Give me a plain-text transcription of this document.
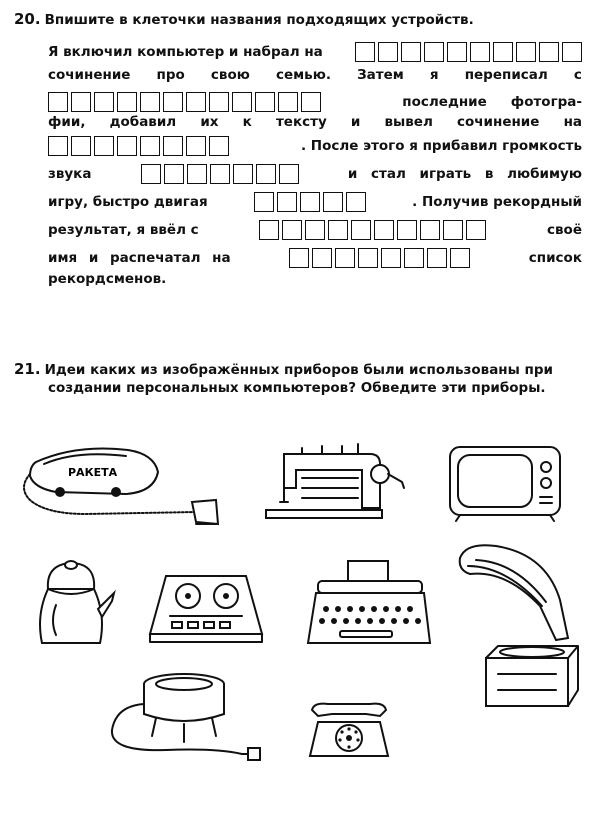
20. Впишите в клеточки названия подходящих устройств.
Я включил компьютер и набрал на
сочинение про свою семью. Затем я переписал с
последние фотогра-
фии, добавил их к тексту и вывел сочинение на
. После этого я прибавил громкость
звука	и стал играть в любимую
игру, быстро двигая	. Получив рекордный
результат, я ввёл с	своё
имя и распечатал на	список
рекордсменов.
21. Идеи каких из изображённых приборов были использованы при
создании персональных компьютеров? Обведите эти приборы.
РАКЕТА
